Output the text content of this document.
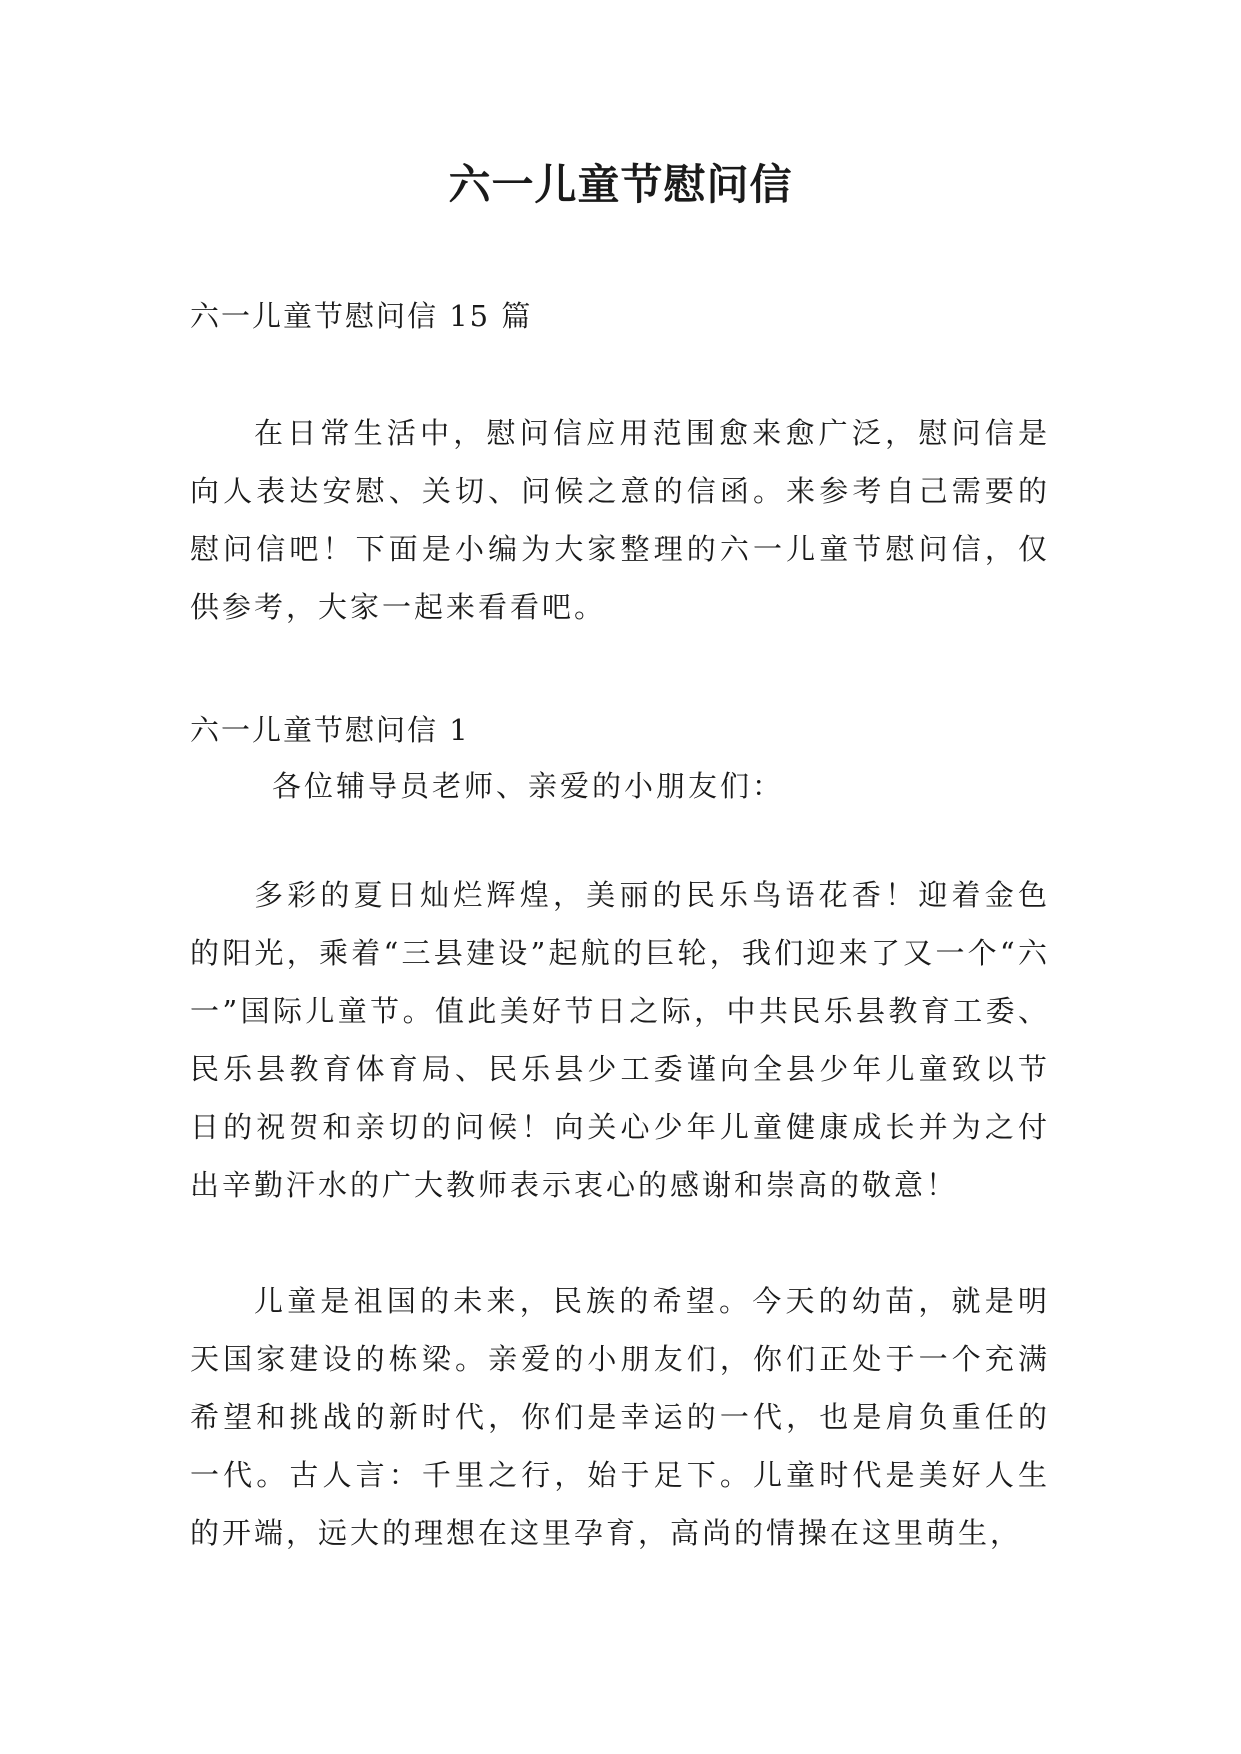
六一儿童节慰问信
六一儿童节慰问信 15 篇

在日常生活中，慰问信应用范围愈来愈广泛，慰问信是向人表达安慰、关切、问候之意的信函。来参考自己需要的慰问信吧！下面是小编为大家整理的六一儿童节慰问信，仅供参考，大家一起来看看吧。

六一儿童节慰问信 1
各位辅导员老师、亲爱的小朋友们：

多彩的夏日灿烂辉煌，美丽的民乐鸟语花香！迎着金色的阳光，乘着“三县建设”起航的巨轮，我们迎来了又一个“六一”国际儿童节。值此美好节日之际，中共民乐县教育工委、民乐县教育体育局、民乐县少工委谨向全县少年儿童致以节日的祝贺和亲切的问候！向关心少年儿童健康成长并为之付出辛勤汗水的广大教师表示衷心的感谢和崇高的敬意！

儿童是祖国的未来，民族的希望。今天的幼苗，就是明天国家建设的栋梁。亲爱的小朋友们，你们正处于一个充满希望和挑战的新时代，你们是幸运的一代，也是肩负重任的一代。古人言：千里之行，始于足下。儿童时代是美好人生的开端，远大的理想在这里孕育，高尚的情操在这里萌生，
